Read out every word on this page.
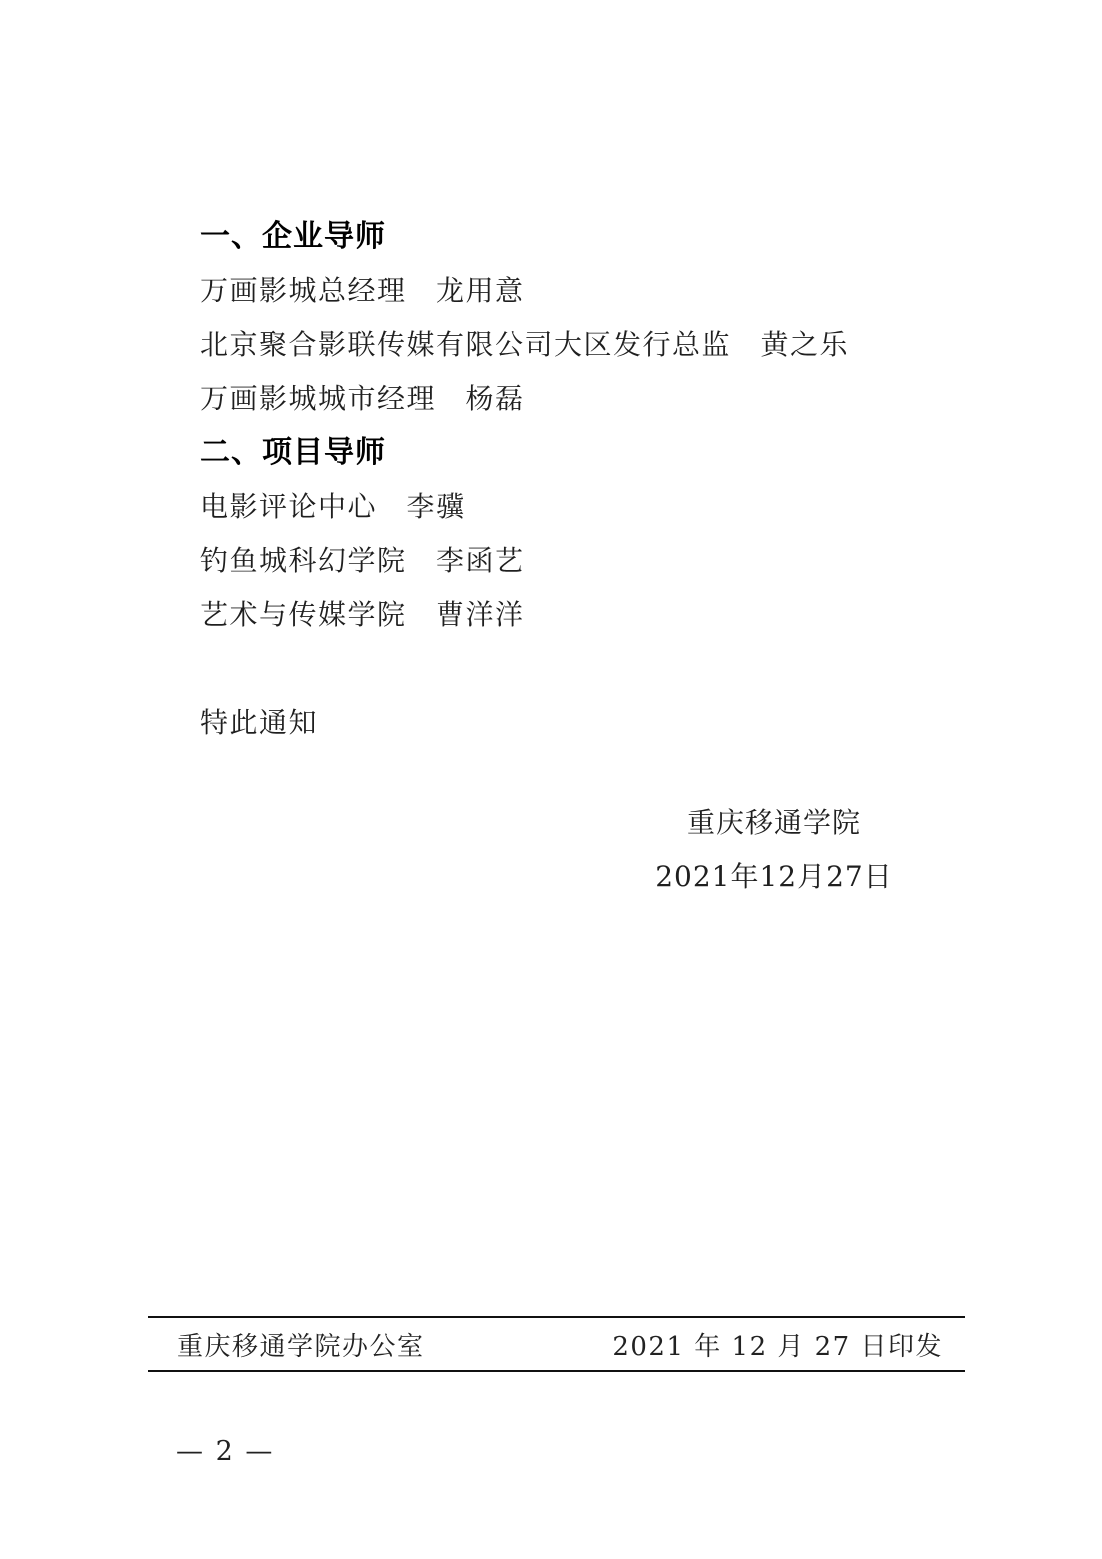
一、企业导师

万画影城总经理　龙用意

北京聚合影联传媒有限公司大区发行总监　黄之乐

万画影城城市经理　杨磊

二、项目导师

电影评论中心　李骥

钓鱼城科幻学院　李函艺

艺术与传媒学院　曹洋洋

特此通知

重庆移通学院

2021年12月27日

重庆移通学院办公室	2021 年 12 月 27 日印发
— 2 —
